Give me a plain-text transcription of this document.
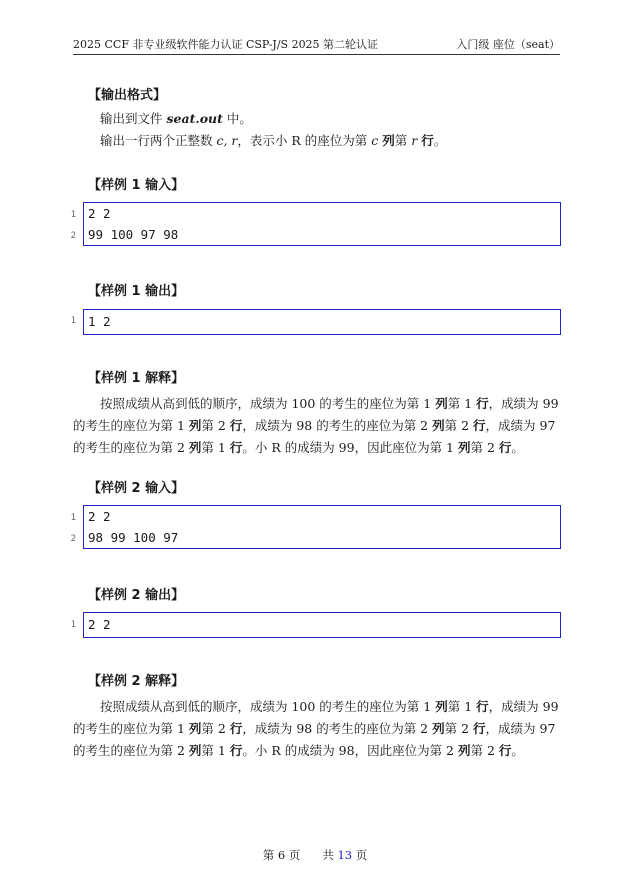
2025 CCF 非专业级软件能力认证 CSP-J/S 2025 第二轮认证	入门级 座位（seat）
【输出格式】

输出到文件 seat.out 中。

输出一行两个正整数 c, r，表示小 R 的座位为第 c 列第 r 行。

【样例 1 输入】
1
2
2 2
99 100 97 98
【样例 1 输出】
1 1 2
【样例 1 解释】

按照成绩从高到低的顺序，成绩为 100 的考生的座位为第 1 列第 1 行，成绩为 99

的考生的座位为第 1 列第 2 行，成绩为 98 的考生的座位为第 2 列第 2 行，成绩为 97

的考生的座位为第 2 列第 1 行。小 R 的成绩为 99，因此座位为第 1 列第 2 行。

【样例 2 输入】
1
2
2 2
98 99 100 97
【样例 2 输出】
1 2 2
【样例 2 解释】

按照成绩从高到低的顺序，成绩为 100 的考生的座位为第 1 列第 1 行，成绩为 99

的考生的座位为第 1 列第 2 行，成绩为 98 的考生的座位为第 2 列第 2 行，成绩为 97

的考生的座位为第 2 列第 1 行。小 R 的成绩为 98，因此座位为第 2 列第 2 行。

第 6 页 共 13 页
